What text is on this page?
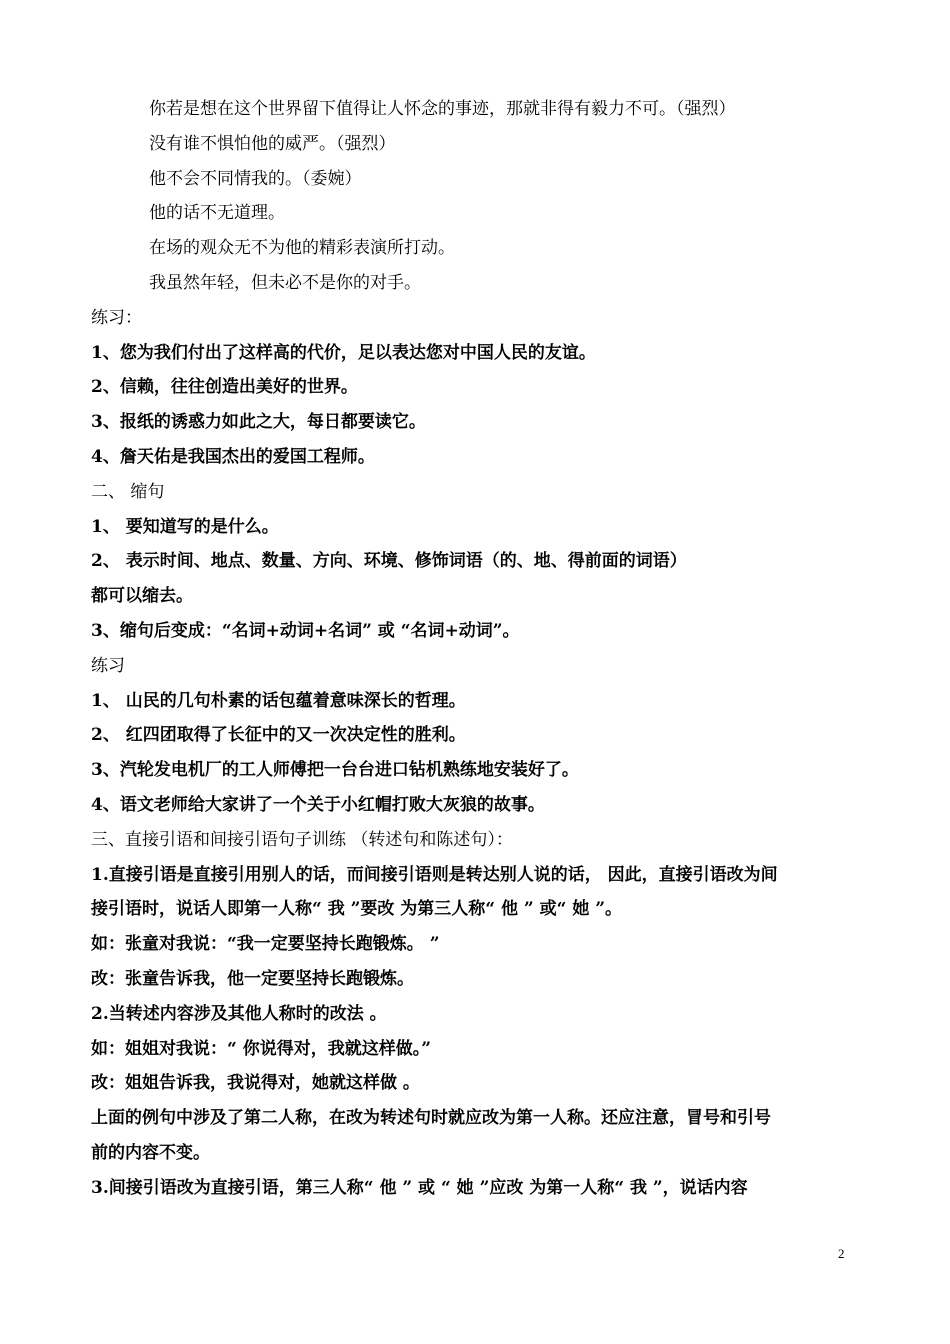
你若是想在这个世界留下值得让人怀念的事迹，那就非得有毅力不可。（强烈）
没有谁不惧怕他的威严。（强烈）
他不会不同情我的。（委婉）
他的话不无道理。
在场的观众无不为他的精彩表演所打动。
我虽然年轻，但未必不是你的对手。
练习：
1、您为我们付出了这样高的代价，足以表达您对中国人民的友谊。
2、信赖，往往创造出美好的世界。
3、报纸的诱惑力如此之大，每日都要读它。
4、詹天佑是我国杰出的爱国工程师。
二、 缩句
1、 要知道写的是什么。
2、 表示时间、地点、数量、方向、环境、修饰词语（的、地、得前面的词语）
都可以缩去。
3、缩句后变成：“名词+动词+名词” 或 “名词+动词”。
练习
1、 山民的几句朴素的话包蕴着意味深长的哲理。
2、 红四团取得了长征中的又一次决定性的胜利。
3、汽轮发电机厂的工人师傅把一台台进口钻机熟练地安装好了。
4、语文老师给大家讲了一个关于小红帽打败大灰狼的故事。
三、直接引语和间接引语句子训练 （转述句和陈述句）：
1.直接引语是直接引用别人的话，而间接引语则是转达别人说的话， 因此，直接引语改为间
接引语时，说话人即第一人称“ 我 ”要改 为第三人称“ 他 ” 或“ 她 ”。
如：张童对我说：“我一定要坚持长跑锻炼。 ”
改：张童告诉我，他一定要坚持长跑锻炼。
2.当转述内容涉及其他人称时的改法 。
如：姐姐对我说：“ 你说得对，我就这样做。”
改：姐姐告诉我，我说得对，她就这样做 。
上面的例句中涉及了第二人称，在改为转述句时就应改为第一人称。还应注意，冒号和引号
前的内容不变。
3.间接引语改为直接引语，第三人称“ 他 ” 或 “ 她 ”应改 为第一人称“ 我 ”，说话内容
2
